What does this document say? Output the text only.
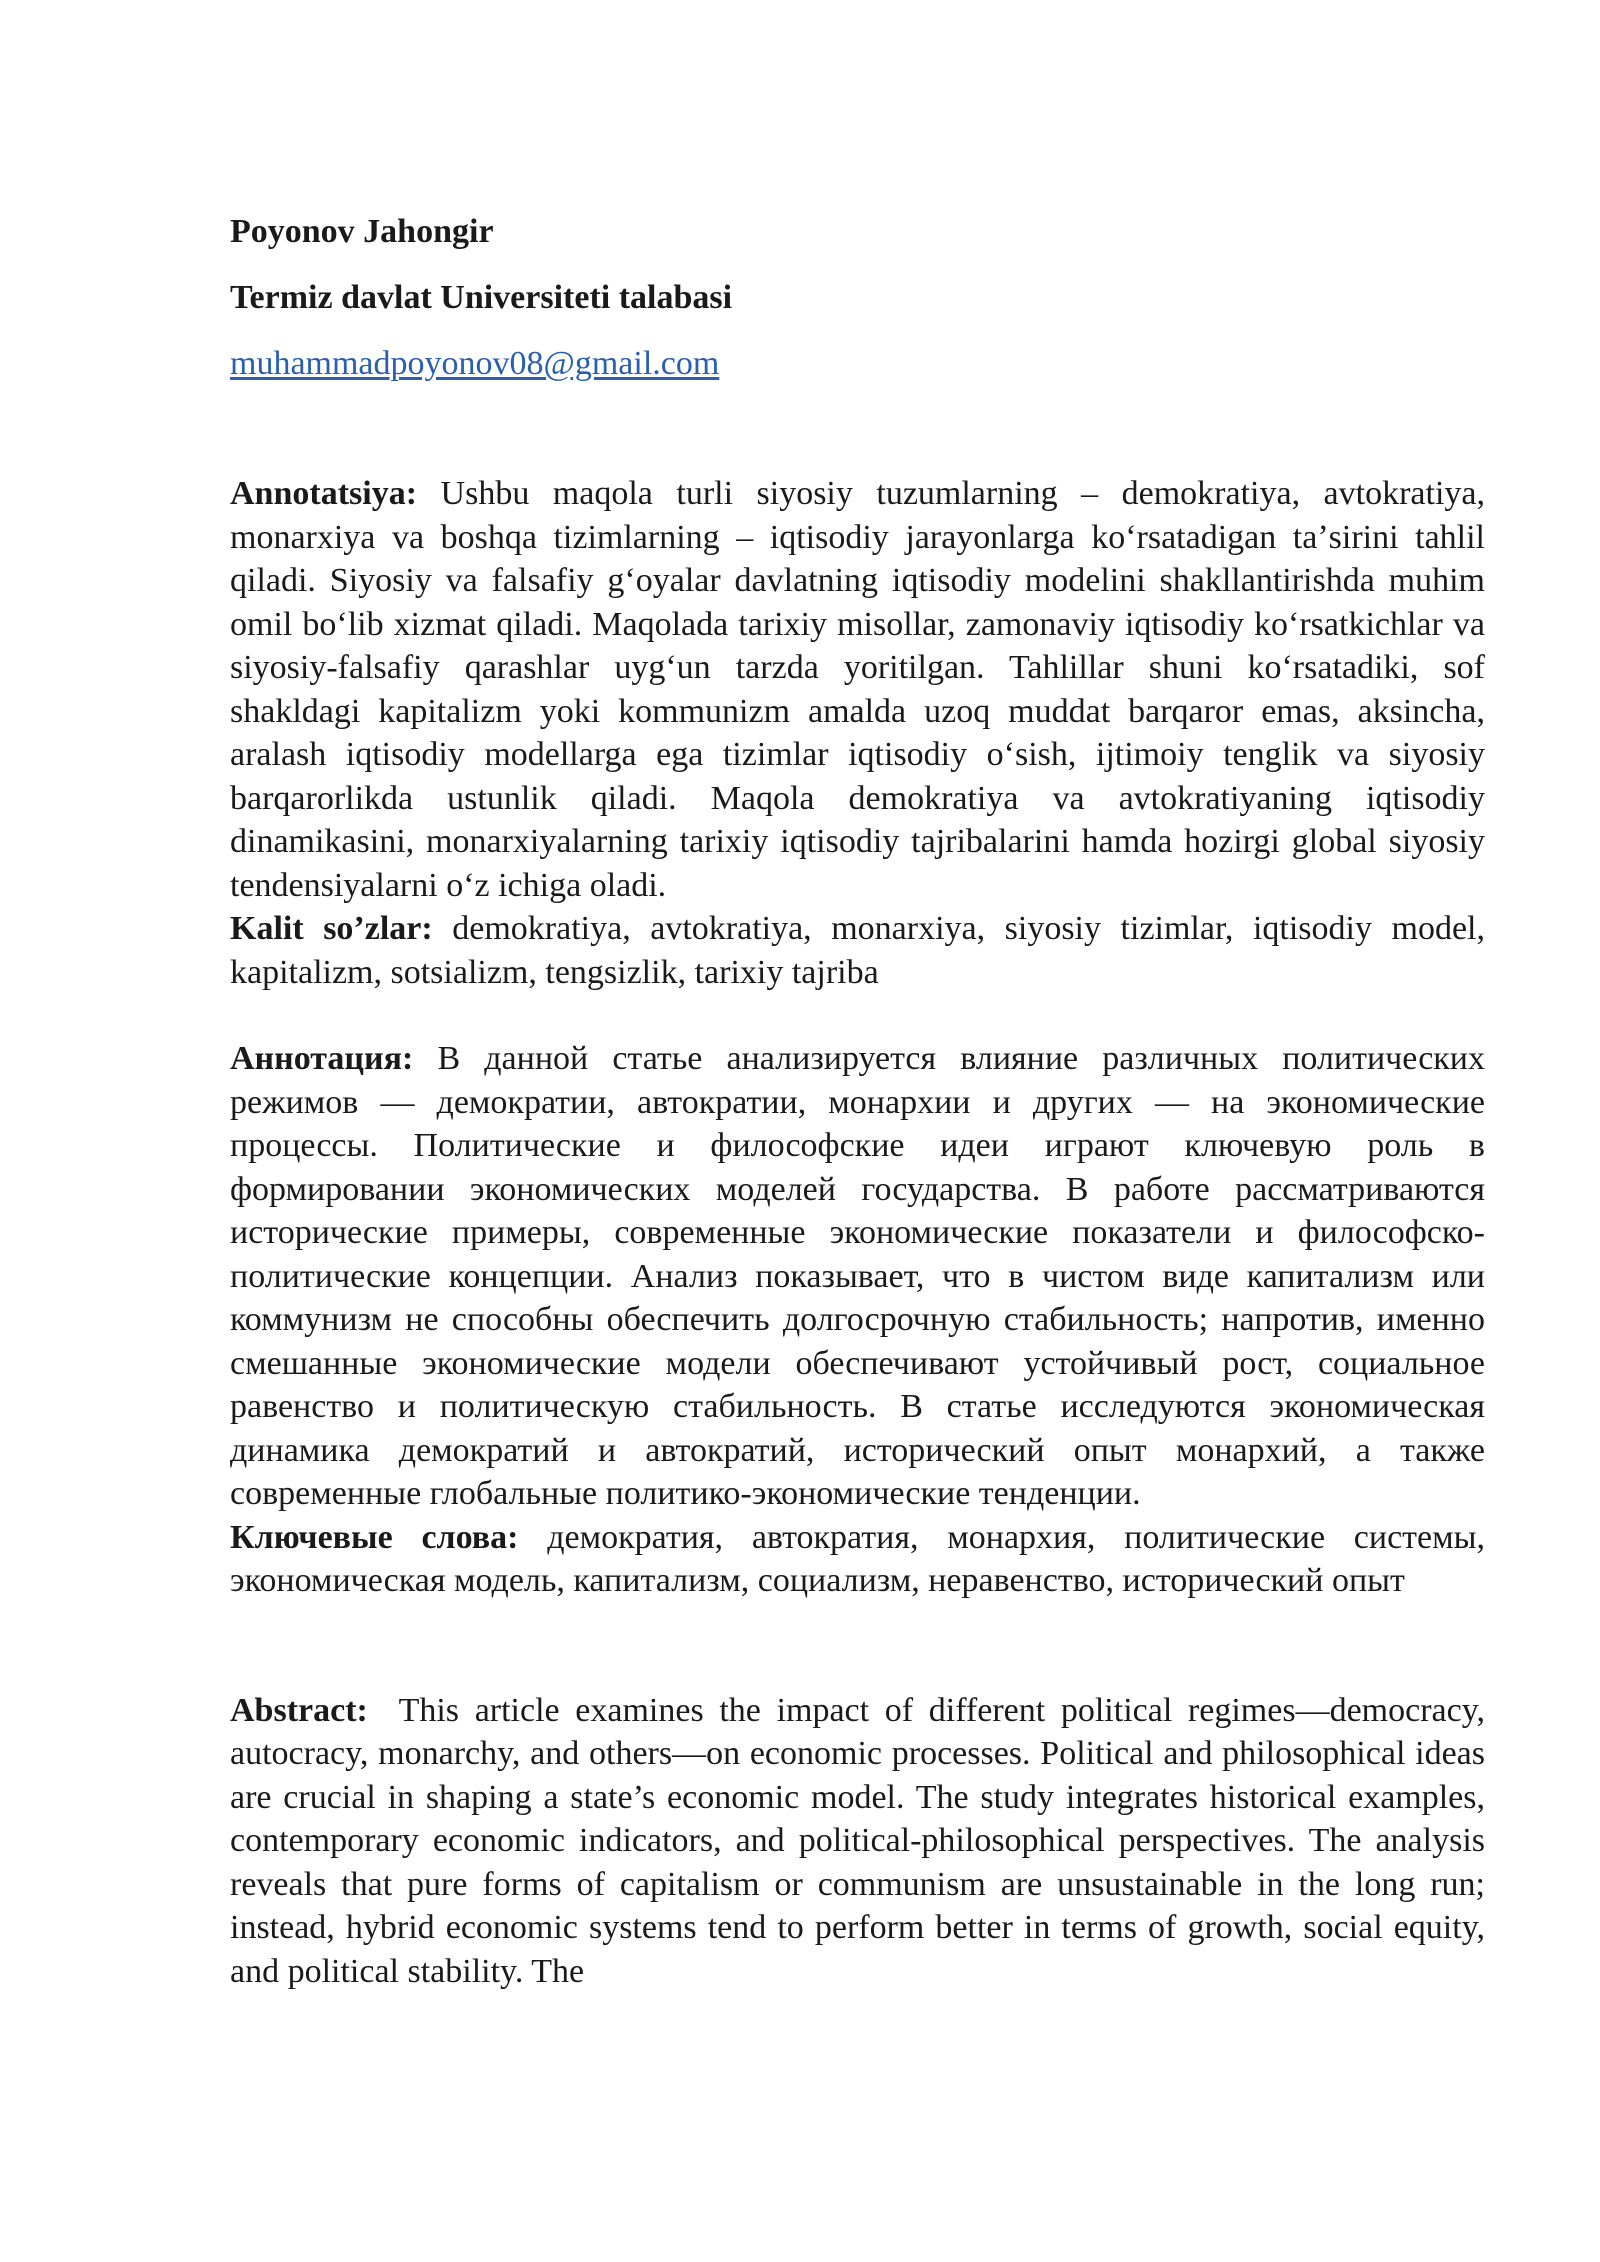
Poyonov Jahongir
Termiz davlat Universiteti talabasi
muhammadpoyonov08@gmail.com

Annotatsiya: Ushbu maqola turli siyosiy tuzumlarning – demokratiya, avtokratiya, monarxiya va boshqa tizimlarning – iqtisodiy jarayonlarga koʻrsatadigan taʼsirini tahlil qiladi. Siyosiy va falsafiy gʻoyalar davlatning iqtisodiy modelini shakllantirishda muhim omil boʻlib xizmat qiladi. Maqolada tarixiy misollar, zamonaviy iqtisodiy koʻrsatkichlar va siyosiy-falsafiy qarashlar uygʻun tarzda yoritilgan. Tahlillar shuni koʻrsatadiki, sof shakldagi kapitalizm yoki kommunizm amalda uzoq muddat barqaror emas, aksincha, aralash iqtisodiy modellarga ega tizimlar iqtisodiy oʻsish, ijtimoiy tenglik va siyosiy barqarorlikda ustunlik qiladi. Maqola demokratiya va avtokratiyaning iqtisodiy dinamikasini, monarxiyalarning tarixiy iqtisodiy tajribalarini hamda hozirgi global siyosiy tendensiyalarni oʻz ichiga oladi.

Kalit so’zlar: demokratiya, avtokratiya, monarxiya, siyosiy tizimlar, iqtisodiy model, kapitalizm, sotsializm, tengsizlik, tarixiy tajriba

Аннотация: В данной статье анализируется влияние различных политических режимов — демократии, автократии, монархии и других — на экономические процессы. Политические и философские идеи играют ключевую роль в формировании экономических моделей государства. В работе рассматриваются исторические примеры, современные экономические показатели и философско-политические концепции. Анализ показывает, что в чистом виде капитализм или коммунизм не способны обеспечить долгосрочную стабильность; напротив, именно смешанные экономические модели обеспечивают устойчивый рост, социальное равенство и политическую стабильность. В статье исследуются экономическая динамика демократий и автократий, исторический опыт монархий, а также современные глобальные политико-экономические тенденции.

Ключевые слова: демократия, автократия, монархия, политические системы, экономическая модель, капитализм, социализм, неравенство, исторический опыт

Abstract: This article examines the impact of different political regimes—democracy, autocracy, monarchy, and others—on economic processes. Political and philosophical ideas are crucial in shaping a state’s economic model. The study integrates historical examples, contemporary economic indicators, and political-philosophical perspectives. The analysis reveals that pure forms of capitalism or communism are unsustainable in the long run; instead, hybrid economic systems tend to perform better in terms of growth, social equity, and political stability. The
